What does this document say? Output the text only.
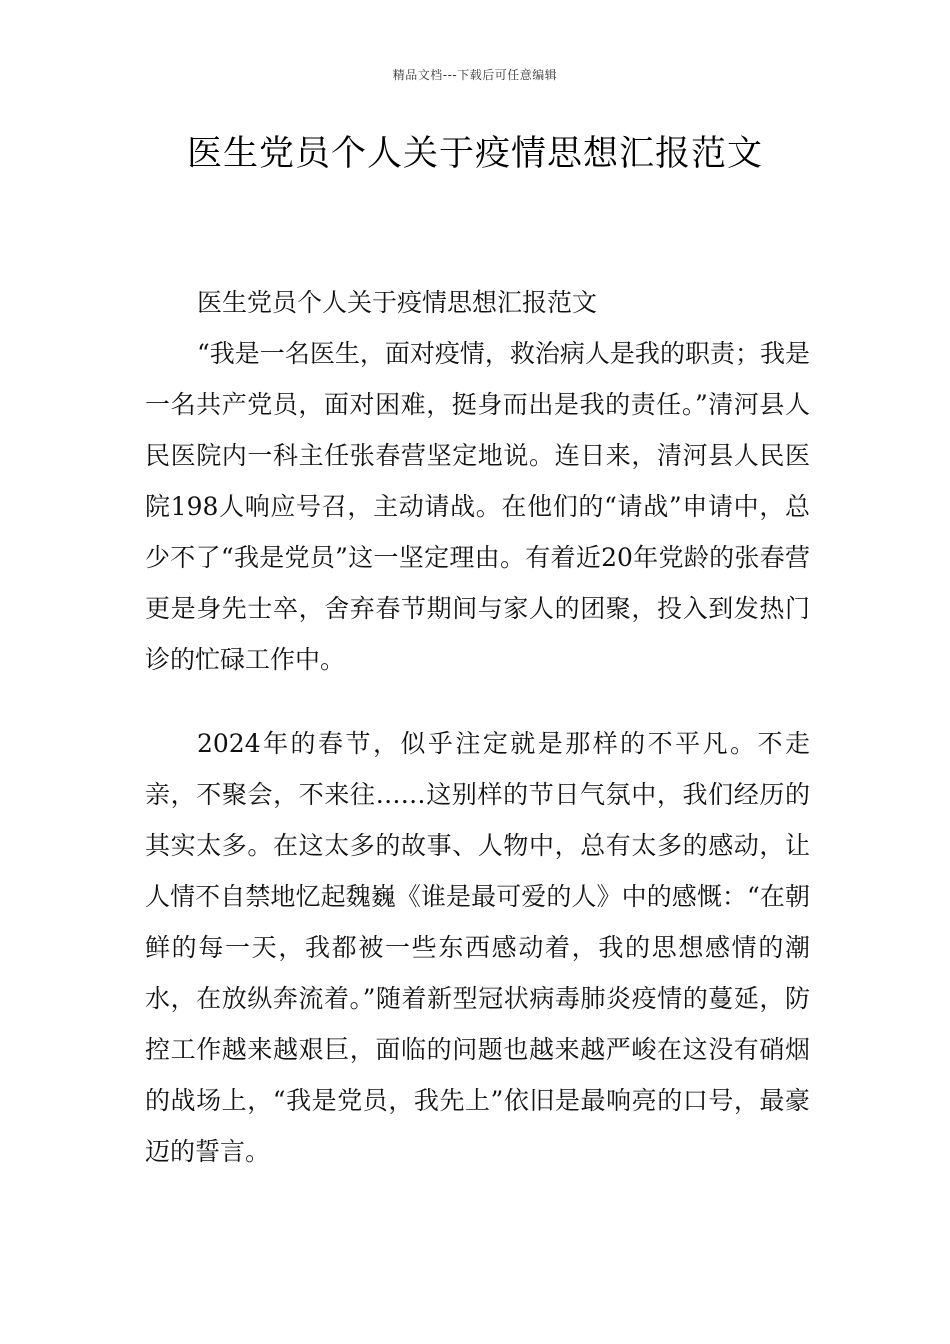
精品文档---下载后可任意编辑
医生党员个人关于疫情思想汇报范文

医生党员个人关于疫情思想汇报范文

“我是一名医生，面对疫情，救治病人是我的职责；我是一名共产党员，面对困难，挺身而出是我的责任。”清河县人民医院内一科主任张春营坚定地说。连日来，清河县人民医院198人响应号召，主动请战。在他们的“请战”申请中，总少不了“我是党员”这一坚定理由。有着近20年党龄的张春营更是身先士卒，舍弃春节期间与家人的团聚，投入到发热门诊的忙碌工作中。

2024年的春节，似乎注定就是那样的不平凡。不走亲，不聚会，不来往……这别样的节日气氛中，我们经历的其实太多。在这太多的故事、人物中，总有太多的感动，让人情不自禁地忆起魏巍《谁是最可爱的人》中的感慨：“在朝鲜的每一天，我都被一些东西感动着，我的思想感情的潮水，在放纵奔流着。”随着新型冠状病毒肺炎疫情的蔓延，防控工作越来越艰巨，面临的问题也越来越严峻在这没有硝烟的战场上，“我是党员，我先上”依旧是最响亮的口号，最豪迈的誓言。
